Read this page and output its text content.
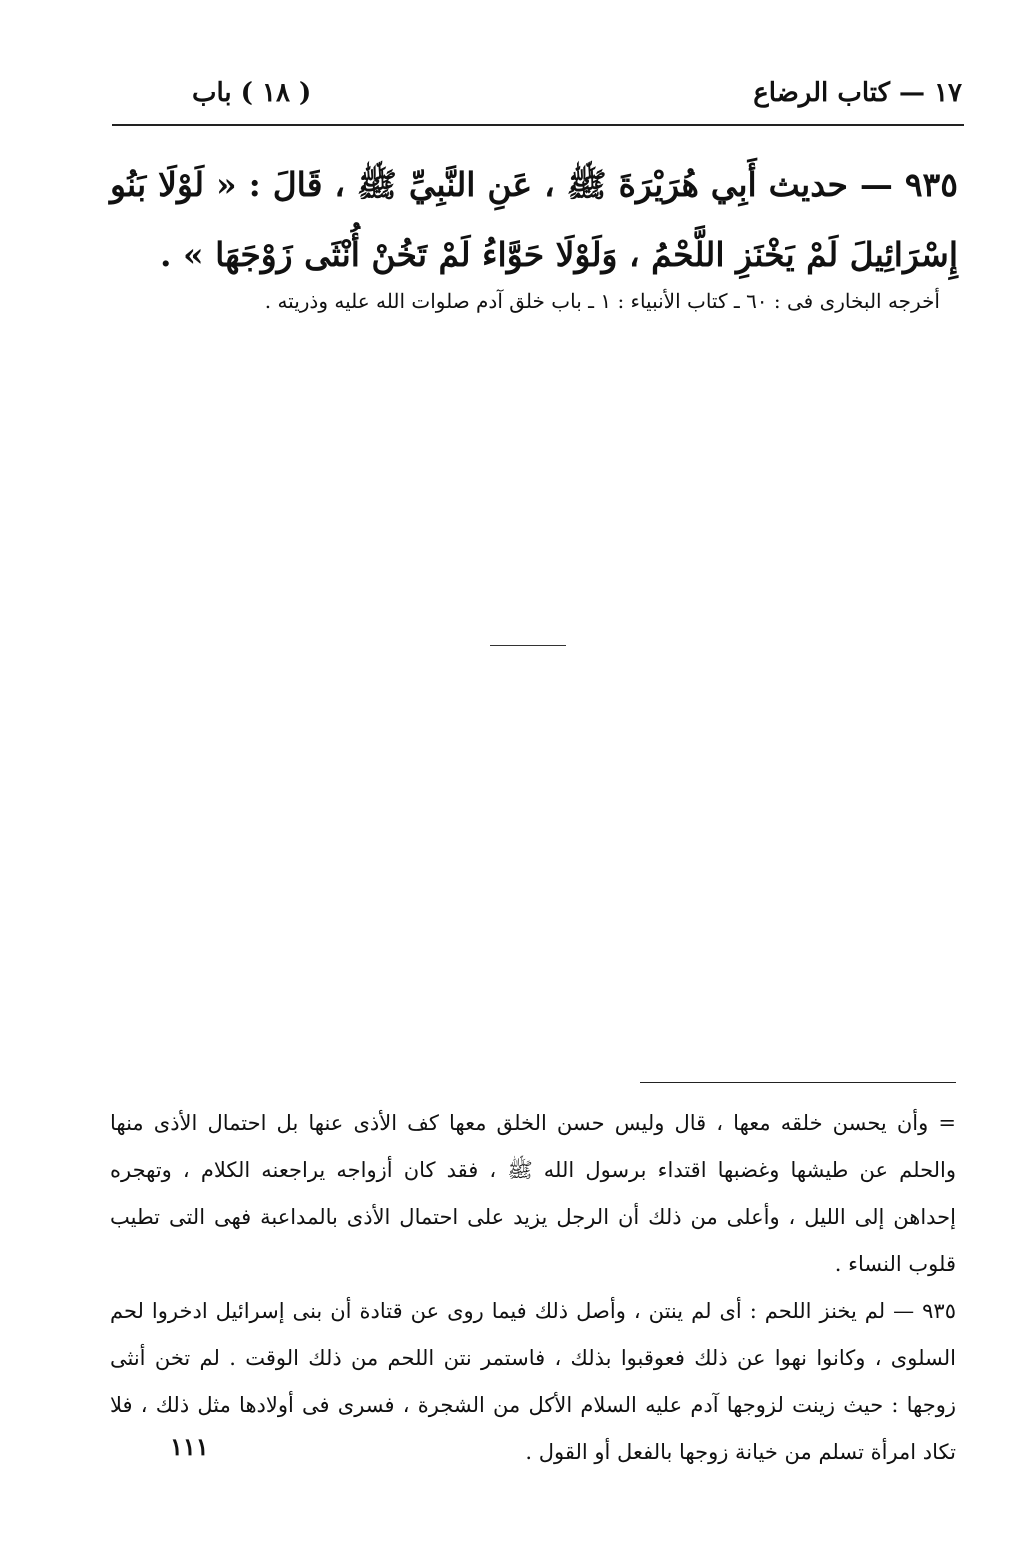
١٧ — كتاب الرضاع
( ١٨ ) باب
٩٣٥ — حديث أَبِي هُرَيْرَةَ ﷺ ، عَنِ النَّبِيِّ ﷺ ، قَالَ : « لَوْلَا بَنُو إِسْرَائِيلَ لَمْ يَخْنَزِ اللَّحْمُ ، وَلَوْلَا حَوَّاءُ لَمْ تَخُنْ أُنْثَى زَوْجَهَا » .
أخرجه البخارى فى : ٦٠ ـ كتاب الأنبياء : ١ ـ باب خلق آدم صلوات الله عليه وذريته .

= وأن يحسن خلقه معها ، قال وليس حسن الخلق معها كف الأذى عنها بل احتمال الأذى منها والحلم عن طيشها وغضبها اقتداء برسول الله ﷺ ، فقد كان أزواجه يراجعنه الكلام ، وتهجره إحداهن إلى الليل ، وأعلى من ذلك أن الرجل يزيد على احتمال الأذى بالمداعبة فهى التى تطيب قلوب النساء .

٩٣٥ — لم يخنز اللحم : أى لم ينتن ، وأصل ذلك فيما روى عن قتادة أن بنى إسرائيل ادخروا لحم السلوى ، وكانوا نهوا عن ذلك فعوقبوا بذلك ، فاستمر نتن اللحم من ذلك الوقت . لم تخن أنثى زوجها : حيث زينت لزوجها آدم عليه السلام الأكل من الشجرة ، فسرى فى أولادها مثل ذلك ، فلا تكاد امرأة تسلم من خيانة زوجها بالفعل أو القول .

١١١
